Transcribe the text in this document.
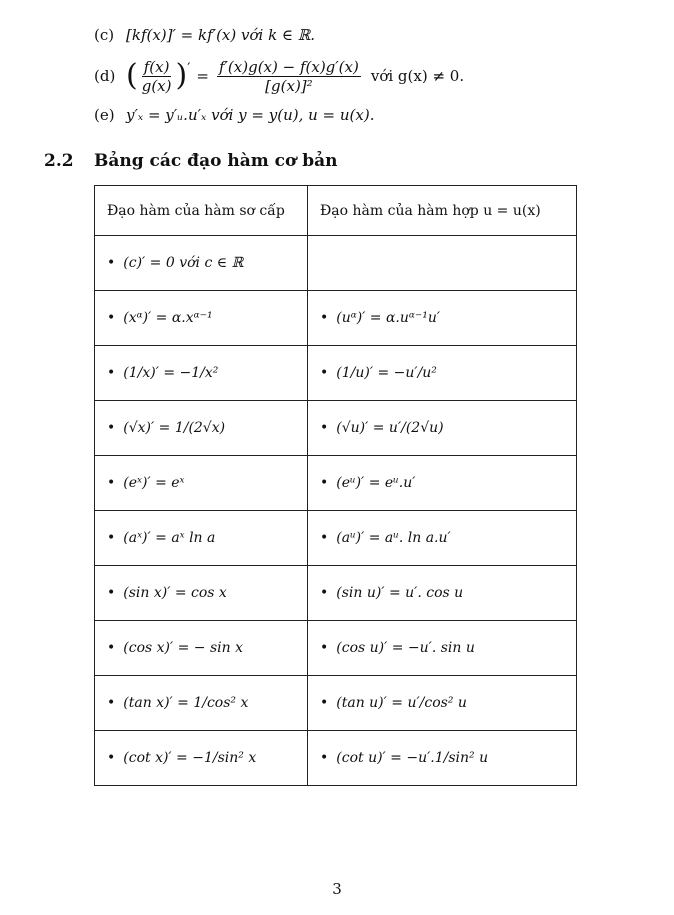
(c) [kf(x)]′ = kf′(x) với k ∈ ℝ.
(d) ( $\frac{f(x)}{g(x)}$ ) ′ = $\frac{f'(x)g(x) - f(x)g'(x)}{\text{[g(x)]²}}$ với g(x) ≠ 0.
(e) y′ₓ = y′ᵤ.u′ₓ với y = y(u), u = u(x).
2.2 Bảng các đạo hàm cơ bản
Đạo hàm của hàm sơ cấp	Đạo hàm của hàm hợp u = u(x)
• (c)′ = 0 với c ∈ ℝ	
• (xᵅ)′ = α.xᵅ⁻¹	• (uᵅ)′ = α.uᵅ⁻¹u′
• (1/x)′ = −1/x²	• (1/u)′ = −u′/u²
• (√x)′ = 1/(2√x)	• (√u)′ = u′/(2√u)
• (eˣ)′ = eˣ	• (eᵘ)′ = eᵘ.u′
• (aˣ)′ = aˣ ln a	• (aᵘ)′ = aᵘ. ln a.u′
• (sin x)′ = cos x	• (sin u)′ = u′. cos u
• (cos x)′ = − sin x	• (cos u)′ = −u′. sin u
• (tan x)′ = 1/cos² x	• (tan u)′ = u′/cos² u
• (cot x)′ = −1/sin² x	• (cot u)′ = −u′.1/sin² u
3
